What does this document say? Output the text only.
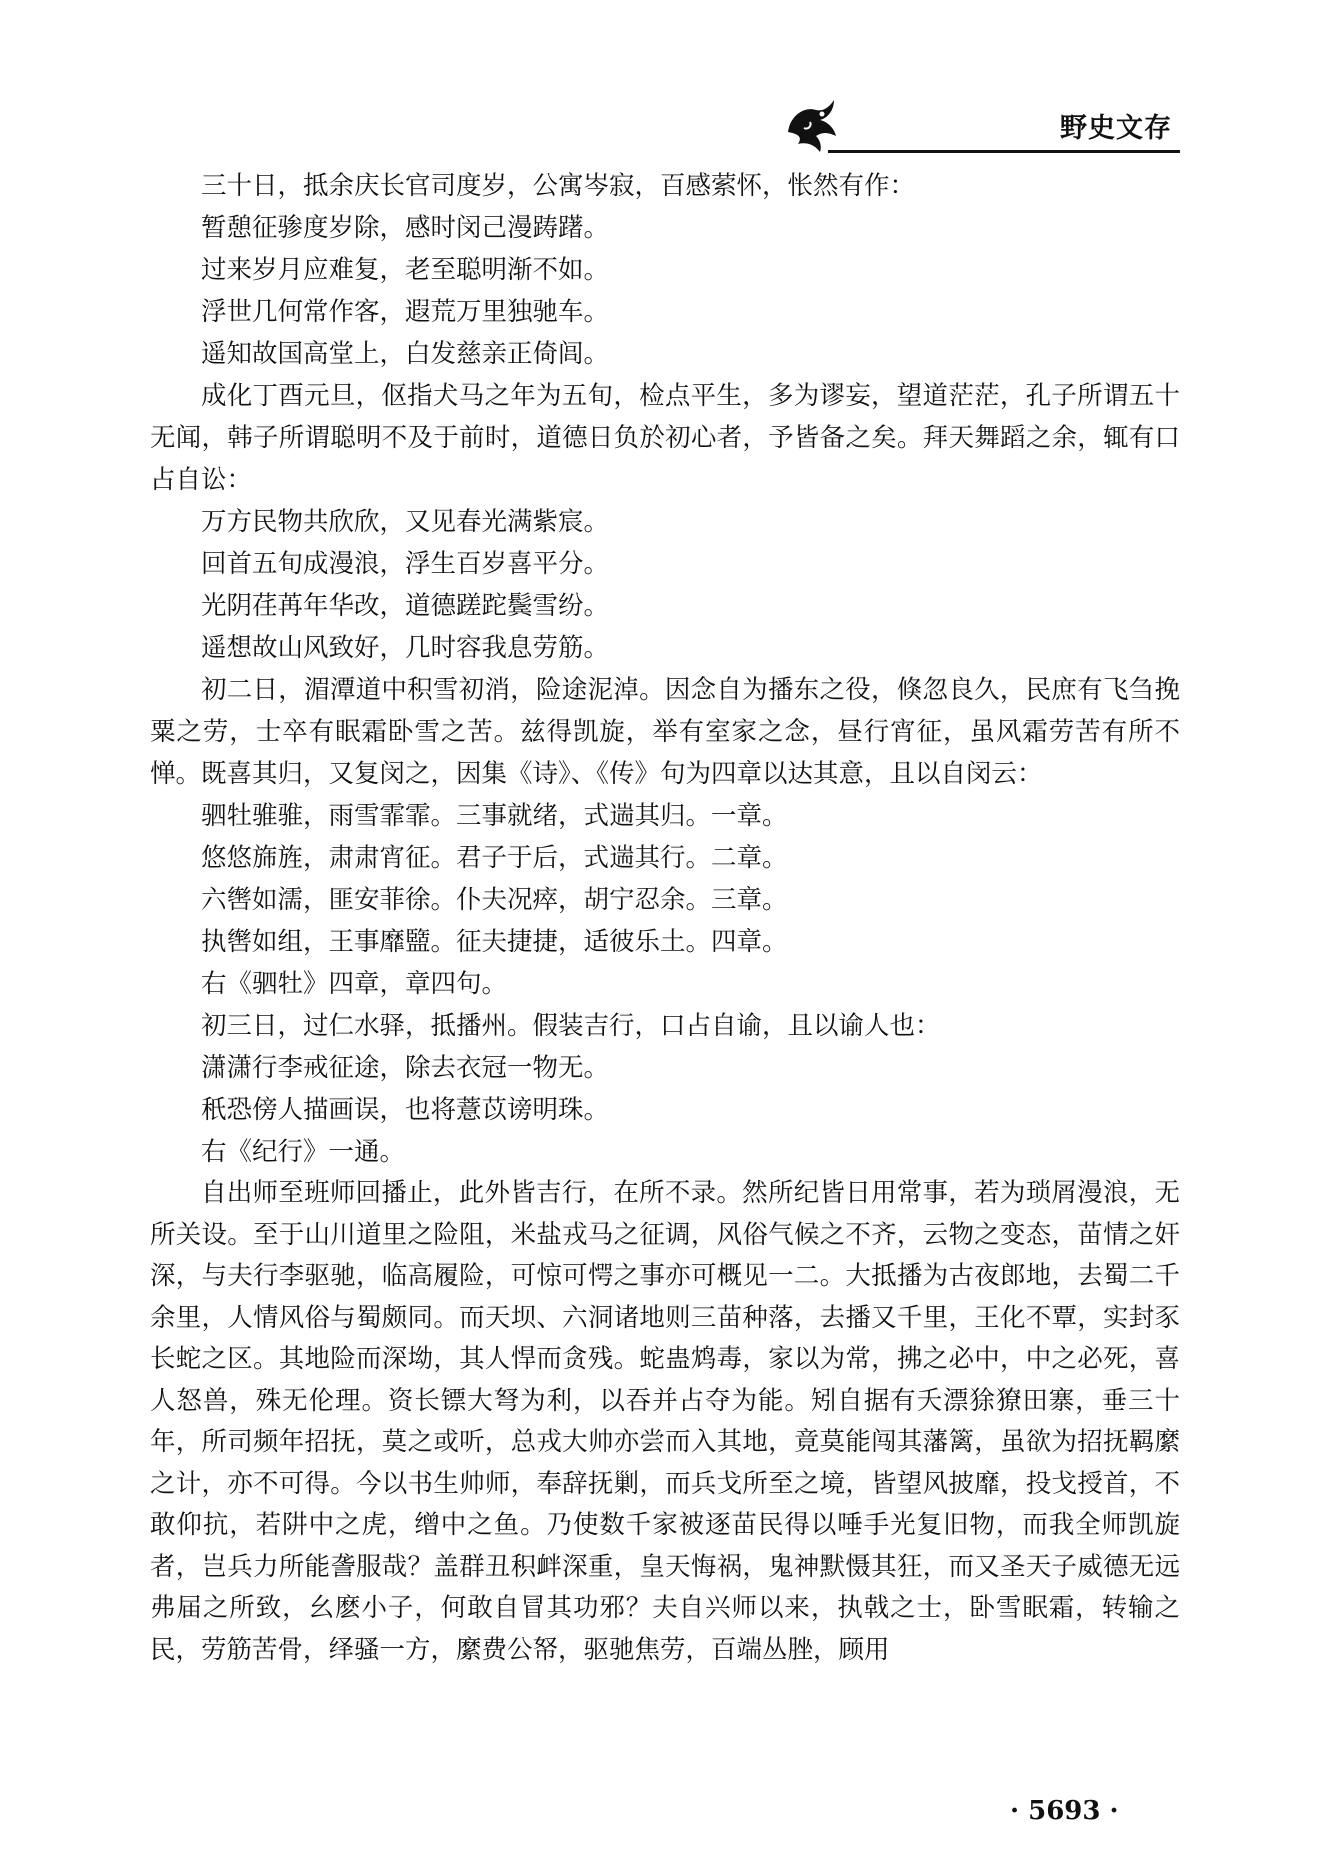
野史文存

三十日，抵余庆长官司度岁，公寓岑寂，百感萦怀，怅然有作：

暂憩征骖度岁除，感时闵己漫踌躇。

过来岁月应难复，老至聪明渐不如。

浮世几何常作客，遐荒万里独驰车。

遥知故国高堂上，白发慈亲正倚闾。

成化丁酉元旦，伛指犬马之年为五旬，检点平生，多为谬妄，望道茫茫，孔子所谓五十无闻，韩子所谓聪明不及于前时，道德日负於初心者，予皆备之矣。拜天舞蹈之余，辄有口占自讼：

万方民物共欣欣，又见春光满紫宸。

回首五旬成漫浪，浮生百岁喜平分。

光阴荏苒年华改，道德蹉跎鬓雪纷。

遥想故山风致好，几时容我息劳筋。

初二日，湄潭道中积雪初消，险途泥淖。因念自为播东之役，倏忽良久，民庶有飞刍挽粟之劳，士卒有眠霜卧雪之苦。兹得凯旋，举有室家之念，昼行宵征，虽风霜劳苦有所不惮。既喜其归，又复闵之，因集《诗》、《传》句为四章以达其意，且以自闵云：

驷牡骓骓，雨雪霏霏。三事就绪，式遄其归。一章。

悠悠旆旌，肃肃宵征。君子于后，式遄其行。二章。

六辔如濡，匪安菲徐。仆夫况瘁，胡宁忍余。三章。

执辔如组，王事靡盬。征夫捷捷，适彼乐土。四章。

右《驷牡》四章，章四句。

初三日，过仁水驿，抵播州。假装吉行，口占自谕，且以谕人也：

潇潇行李戒征途，除去衣冠一物无。

秖恐傍人描画误，也将薏苡谤明珠。

右《纪行》一通。

自出师至班师回播止，此外皆吉行，在所不录。然所纪皆日用常事，若为琐屑漫浪，无所关设。至于山川道里之险阻，米盐戎马之征调，风俗气候之不齐，云物之变态，苗情之奸深，与夫行李驱驰，临高履险，可惊可愕之事亦可概见一二。大抵播为古夜郎地，去蜀二千余里，人情风俗与蜀颇同。而天坝、六洞诸地则三苗种落，去播又千里，王化不覃，实封豕长蛇之区。其地险而深坳，其人悍而贪残。蛇蛊鸩毒，家以为常，拂之必中，中之必死，喜人怒兽，殊无伦理。资长镖大弩为利，以吞并占夺为能。矧自据有夭漂狳獠田寨，垂三十年，所司频年招抚，莫之或听，总戎大帅亦尝而入其地，竟莫能闯其藩篱，虽欲为招抚羁縻之计，亦不可得。今以书生帅师，奉辞抚剿，而兵戈所至之境，皆望风披靡，投戈授首，不敢仰抗，若阱中之虎，缯中之鱼。乃使数千家被逐苗民得以唾手光复旧物，而我全师凯旋者，岂兵力所能詟服哉？盖群丑积衅深重，皇天悔祸，鬼神默慑其狂，而又圣天子威德无远弗届之所致，幺麽小子，何敢自冒其功邪？夫自兴师以来，执戟之士，卧雪眠霜，转输之民，劳筋苦骨，绎骚一方，縻费公帑，驱驰焦劳，百端丛脞，顾用

· 5693 ·
